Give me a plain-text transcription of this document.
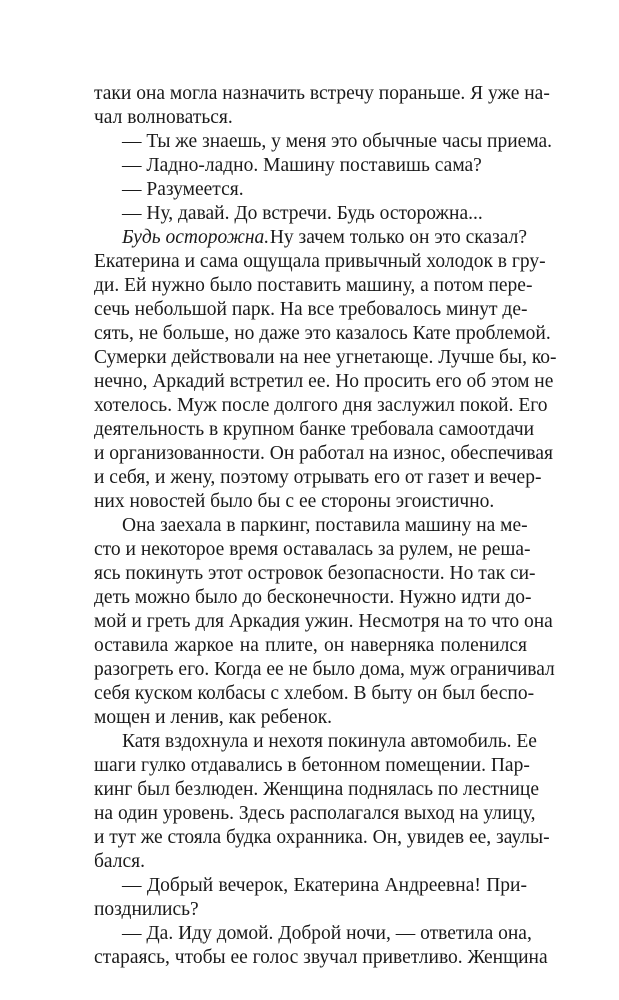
таки она могла назначить встречу пораньше. Я уже на-
чал волноваться.
— Ты же знаешь, у меня это обычные часы приема.
— Ладно-ладно. Машину поставишь сама?
— Разумеется.
— Ну, давай. До встречи. Будь осторожна...
Будь осторожна. Ну зачем только он это сказал?
Екатерина и сама ощущала привычный холодок в гру-
ди. Ей нужно было поставить машину, а потом пере-
сечь небольшой парк. На все требовалось минут де-
сять, не больше, но даже это казалось Кате проблемой.
Сумерки действовали на нее угнетающе. Лучше бы, ко-
нечно, Аркадий встретил ее. Но просить его об этом не
хотелось. Муж после долгого дня заслужил покой. Его
деятельность в крупном банке требовала самоотдачи
и организованности. Он работал на износ, обеспечивая
и себя, и жену, поэтому отрывать его от газет и вечер-
них новостей было бы с ее стороны эгоистично.
Она заехала в паркинг, поставила машину на ме-
сто и некоторое время оставалась за рулем, не реша-
ясь покинуть этот островок безопасности. Но так си-
деть можно было до бесконечности. Нужно идти до-
мой и греть для Аркадия ужин. Несмотря на то что она
оставила жаркое на плите, он наверняка поленился
разогреть его. Когда ее не было дома, муж ограничивал
себя куском колбасы с хлебом. В быту он был беспо-
мощен и ленив, как ребенок.
Катя вздохнула и нехотя покинула автомобиль. Ее
шаги гулко отдавались в бетонном помещении. Пар-
кинг был безлюден. Женщина поднялась по лестнице
на один уровень. Здесь располагался выход на улицу,
и тут же стояла будка охранника. Он, увидев ее, заулы-
бался.
— Добрый вечерок, Екатерина Андреевна! При-
позднились?
— Да. Иду домой. Доброй ночи, — ответила она,
стараясь, чтобы ее голос звучал приветливо. Женщина
